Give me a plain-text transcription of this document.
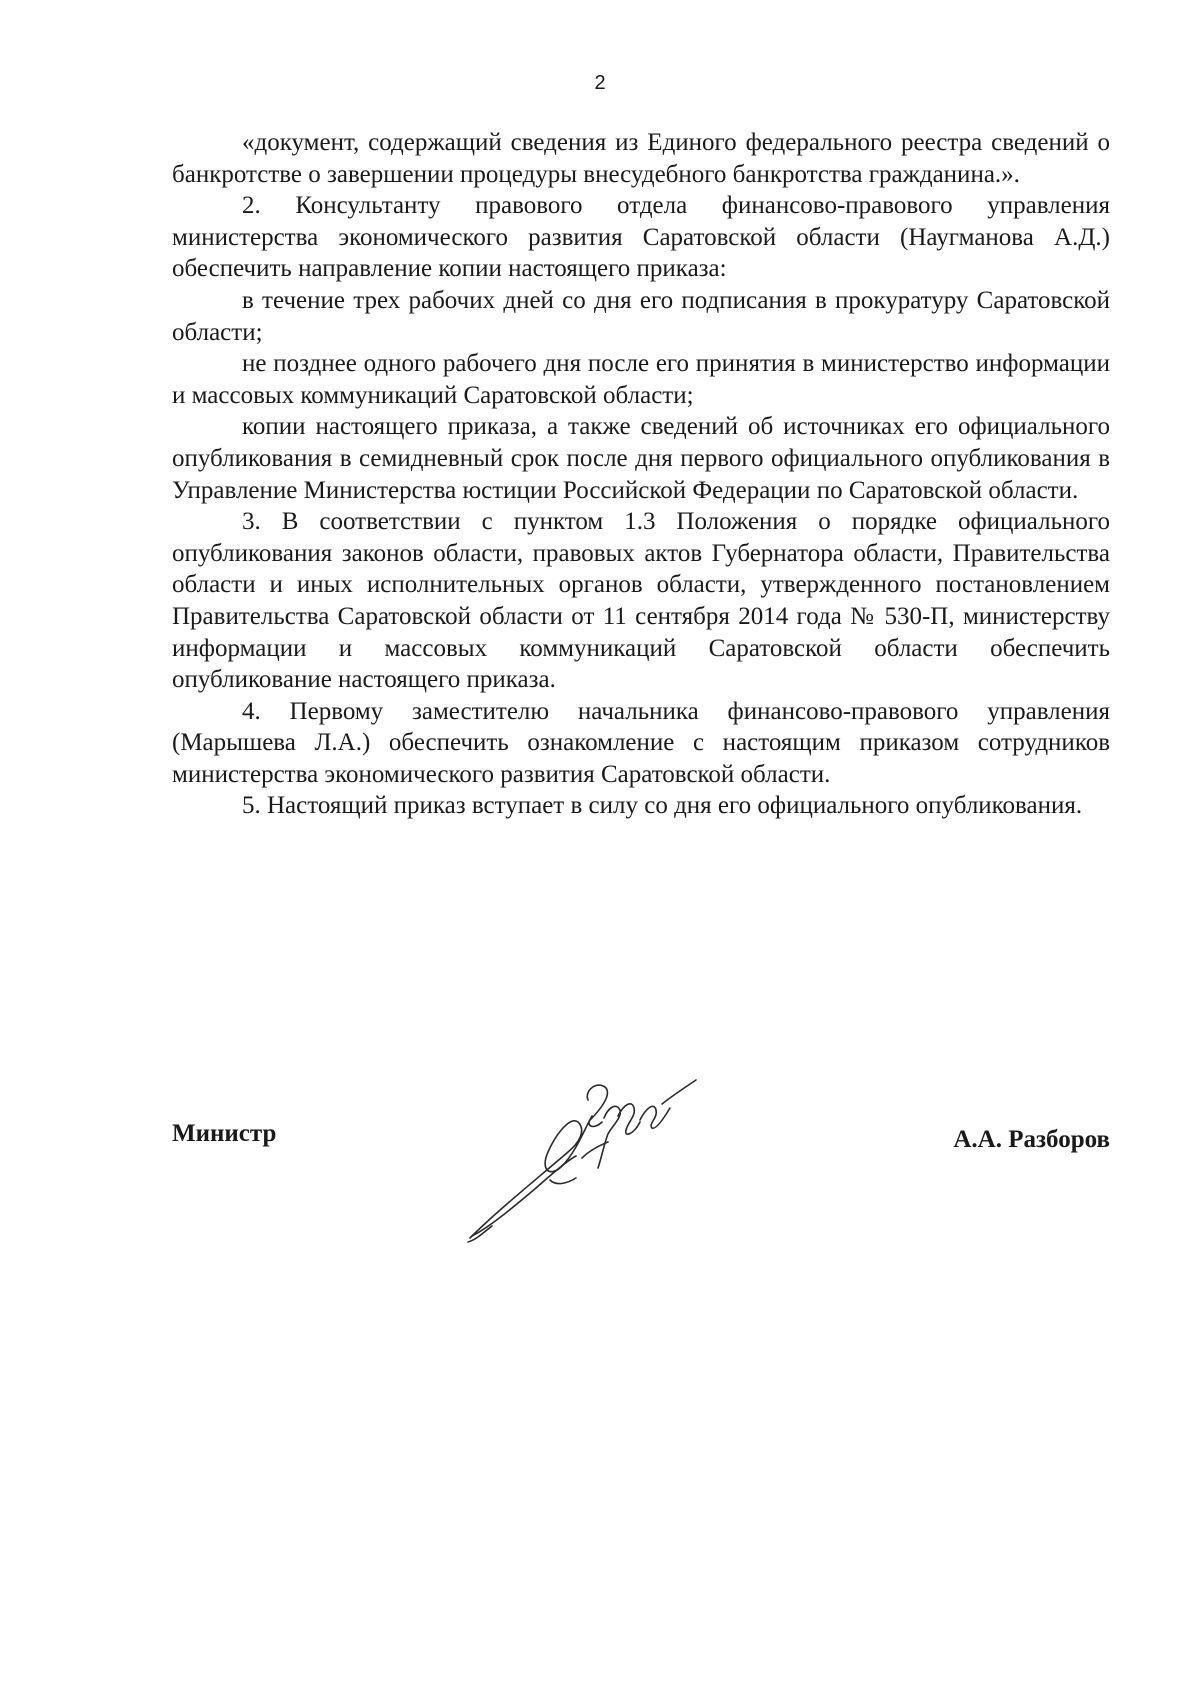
2

«документ, содержащий сведения из Единого федерального реестра сведений о банкротстве о завершении процедуры внесудебного банкротства гражданина.».

2. Консультанту правового отдела финансово-правового управления министерства экономического развития Саратовской области (Наугманова А.Д.) обеспечить направление копии настоящего приказа:

в течение трех рабочих дней со дня его подписания в прокуратуру Саратовской области;

не позднее одного рабочего дня после его принятия в министерство информации и массовых коммуникаций Саратовской области;

копии настоящего приказа, а также сведений об источниках его официального опубликования в семидневный срок после дня первого официального опубликования в Управление Министерства юстиции Российской Федерации по Саратовской области.

3. В соответствии с пунктом 1.3 Положения о порядке официального опубликования законов области, правовых актов Губернатора области, Правительства области и иных исполнительных органов области, утвержденного постановлением Правительства Саратовской области от 11 сентября 2014 года № 530-П, министерству информации и массовых коммуникаций Саратовской области обеспечить опубликование настоящего приказа.

4. Первому заместителю начальника финансово-правового управления (Марышева Л.А.) обеспечить ознакомление с настоящим приказом сотрудников министерства экономического развития Саратовской области.

5. Настоящий приказ вступает в силу со дня его официального опубликования.

Министр	А.А. Разборов
